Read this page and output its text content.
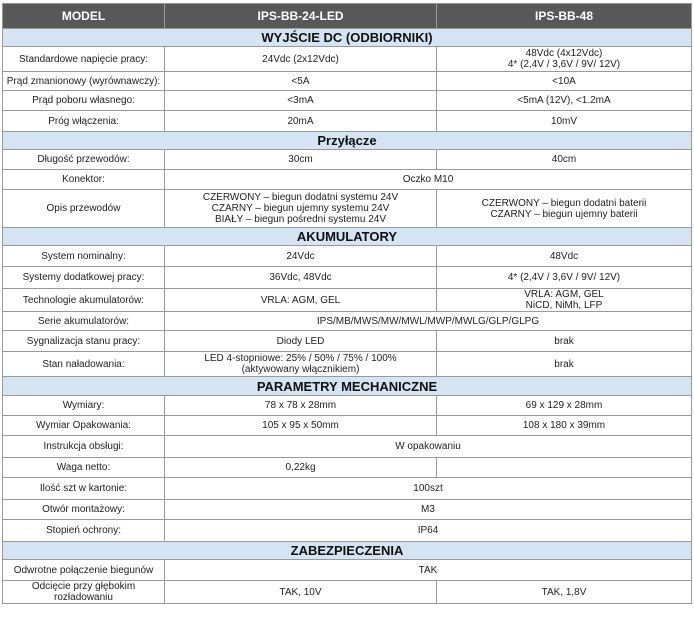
MODEL	IPS-BB-24-LED	IPS-BB-48
WYJŚCIE DC (ODBIORNIKI)		
Standardowe napięcie pracy:	24Vdc (2x12Vdc)	48Vdc (4x12Vdc)
4* (2,4V / 3,6V / 9V/ 12V)

Prąd zmanionowy (wyrównawczy):	<5A	<10A

Prąd poboru własnego:	<3mA	<5mA (12V), <1.2mA

Próg włączenia:	20mA	10mV

Przyłącze		
Długość przewodów:	30cm	40cm

Konektor:	Oczko M10	

Opis przewodów	CZERWONY – biegun dodatni systemu 24V
CZARNY – biegun ujemny systemu 24V
BIAŁY – biegun pośredni systemu 24V	CZERWONY – biegun dodatni baterii
CZARNY – biegun ujemny baterii

AKUMULATORY		
System nominalny:	24Vdc	48Vdc

Systemy dodatkowej pracy:	36Vdc, 48Vdc	4* (2,4V / 3,6V / 9V/ 12V)

Technologie akumulatorów:	VRLA: AGM, GEL	VRLA: AGM, GEL
NiCD, NiMh, LFP

Serie akumulatorów:	IPS/MB/MWS/MW/MWL/MWP/MWLG/GLP/GLPG	

Sygnalizacja stanu pracy:	Diody LED	brak

Stan naładowania:	LED 4-stopniowe: 25% / 50% / 75% / 100%
(aktywowany włącznikiem)	brak

PARAMETRY MECHANICZNE		
Wymiary:	78 x 78 x 28mm	69 x 129 x 28mm

Wymiar Opakowania:	105 x 95 x 50mm	108 x 180 x 39mm

Instrukcja obsługi:	W opakowaniu	

Waga netto:	0,22kg	

Ilość szt w kartonie:	100szt	

Otwór montażowy:	M3	

Stopień ochrony:	IP64	

ZABEZPIECZENIA		
Odwrotne połączenie biegunów	TAK	

Odcięcie przy głębokim rozładowaniu	TAK, 10V	TAK, 1,8V
